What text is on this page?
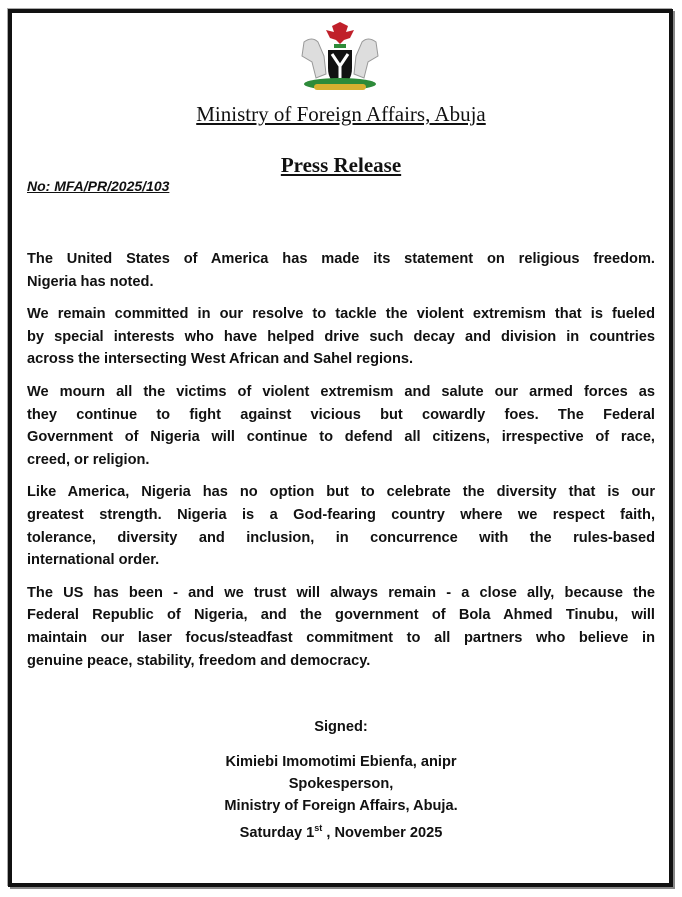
Ministry of Foreign Affairs, Abuja
Press Release
No: MFA/PR/2025/103
The United States of America has made its statement on religious freedom.
Nigeria has noted.
We remain committed in our resolve to tackle the violent extremism that is fueled
by special interests who have helped drive such decay and division in countries
across the intersecting West African and Sahel regions.
We mourn all the victims of violent extremism and salute our armed forces as
they continue to fight against vicious but cowardly foes. The Federal
Government of Nigeria will continue to defend all citizens, irrespective of race,
creed, or religion.
Like America, Nigeria has no option but to celebrate the diversity that is our
greatest strength. Nigeria is a God-fearing country where we respect faith,
tolerance, diversity and inclusion, in concurrence with the rules-based
international order.
The US has been - and we trust will always remain - a close ally, because the
Federal Republic of Nigeria, and the government of Bola Ahmed Tinubu, will
maintain our laser focus/steadfast commitment to all partners who believe in
genuine peace, stability, freedom and democracy.
Signed:
Kimiebi Imomotimi Ebienfa, anipr
Spokesperson,
Ministry of Foreign Affairs, Abuja.
Saturday 1st , November 2025
